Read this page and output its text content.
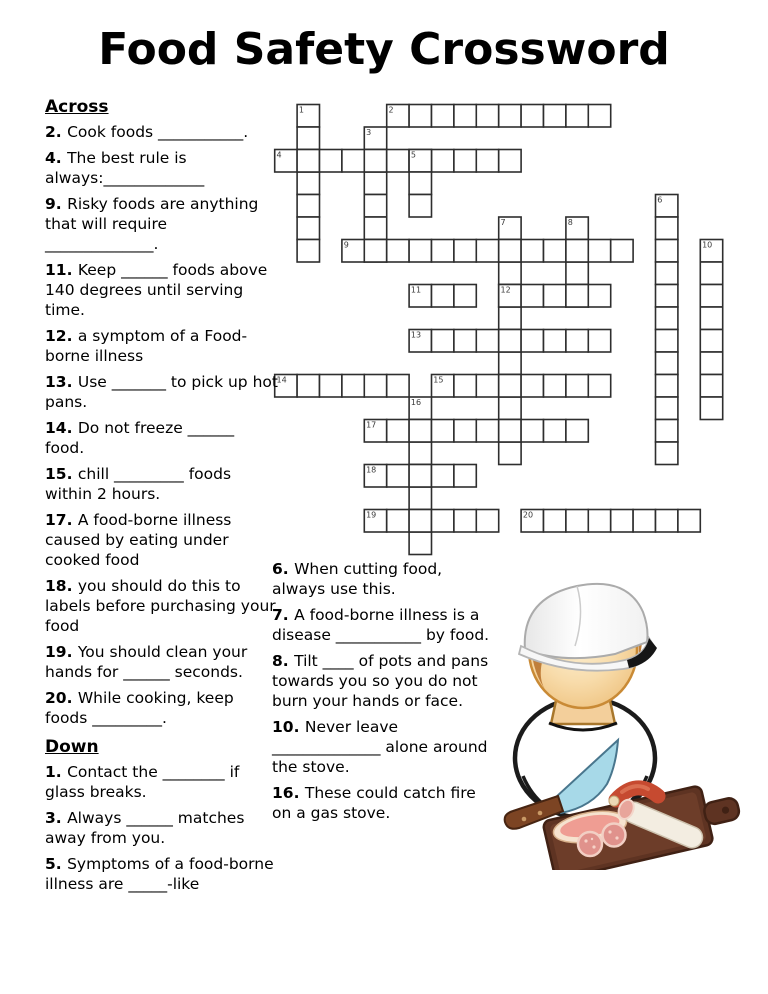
Food Safety Crossword
1	2
3
4	5
6
7	8
9	10
11	12
13
14	15
16
17
18
19	20
Across

2. Cook foods ___________.

4. The best rule is always:_____________

9. Risky foods are anything that will require ______________.

11. Keep ______ foods above 140 degrees until serving time.

12. a symptom of a Food-borne illness

13. Use _______ to pick up hot pans.

14. Do not freeze ______ food.

15. chill _________ foods within 2 hours.

17. A food-borne illness caused by eating under cooked food

18. you should do this to labels before purchasing your food

19. You should clean your hands for ______ seconds.

20. While cooking, keep foods _________.

Down

1. Contact the ________ if glass breaks.

3. Always ______ matches away from you.

5. Symptoms of a food-borne illness are _____-like

6. When cutting food, always use this.

7. A food-borne illness is a disease ___________ by food.

8. Tilt ____ of pots and pans towards you so you do not burn your hands or face.

10. Never leave ______________ alone around the stove.

16. These could catch fire on a gas stove.
